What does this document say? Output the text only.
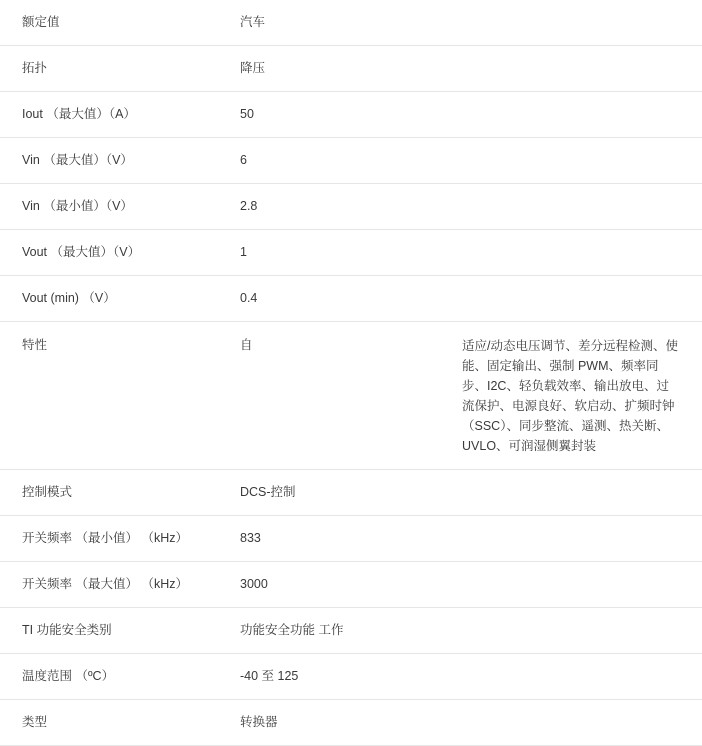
额定值	汽车	
拓扑	降压	
Iout （最大值）（A）	50	
Vin （最大值）（V）	6	
Vin （最小值）（V）	2.8	
Vout （最大值）（V）	1	
Vout (min) （V）	0.4	
特性	自	适应/动态电压调节、差分远程检测、使能、固定输出、强制 PWM、频率同步、I2C、轻负载效率、输出放电、过流保护、电源良好、软启动、扩频时钟 （SSC）、同步整流、遥测、热关断、UVLO、可润湿侧翼封装
控制模式	DCS-控制	
开关频率 （最小值） （kHz）	833	
开关频率 （最大值） （kHz）	3000	
TI 功能安全类别	功能安全功能 工作	
温度范围 （ºC）	-40 至 125	
类型	转换器	
